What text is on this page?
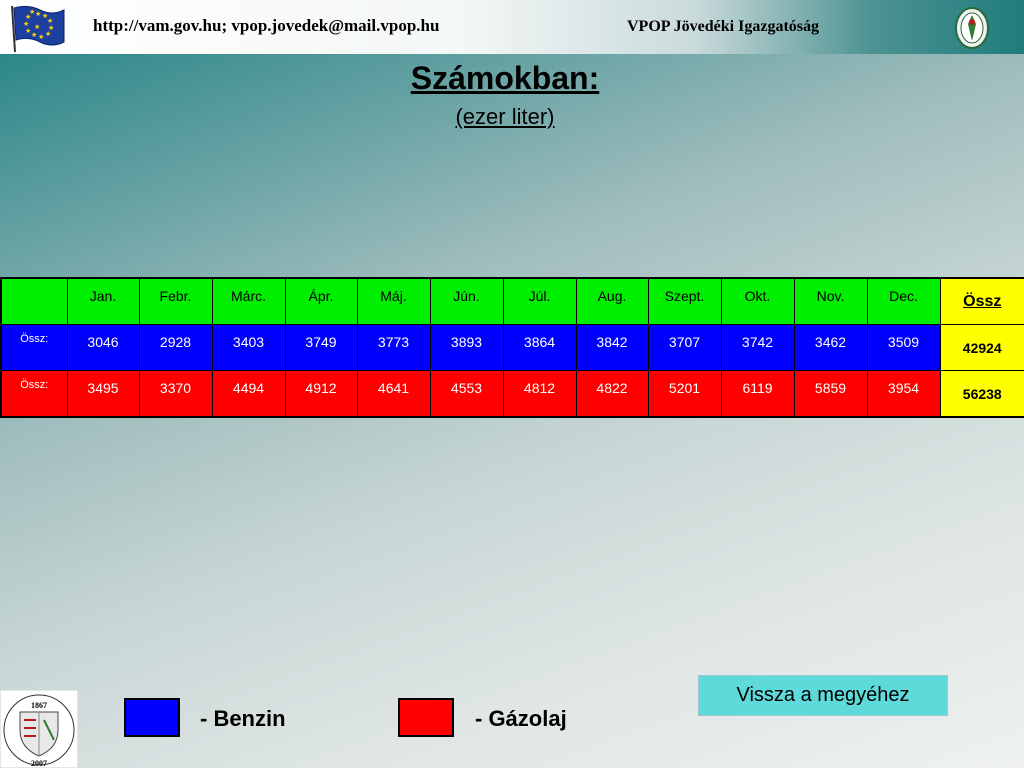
★ ★
★
★
★
★
★
★
★
★
★
★	http://vam.gov.hu; vpop.jovedek@mail.vpop.hu	VPOP Jövedéki Igazgatóság
Számokban:
(ezer liter)
	Jan.	Febr.	Márc.	Ápr.	Máj.	Jún.	Júl.	Aug.	Szept.	Okt.	Nov.	Dec.	Össz
Össz:	3046	2928	3403	3749	3773	3893	3864	3842	3707	3742	3462	3509	42924
Össz:	3495	3370	4494	4912	4641	4553	4812	4822	5201	6119	5859	3954	56238
Vissza a megyéhez
1867
2007
- Benzin	- Gázolaj
